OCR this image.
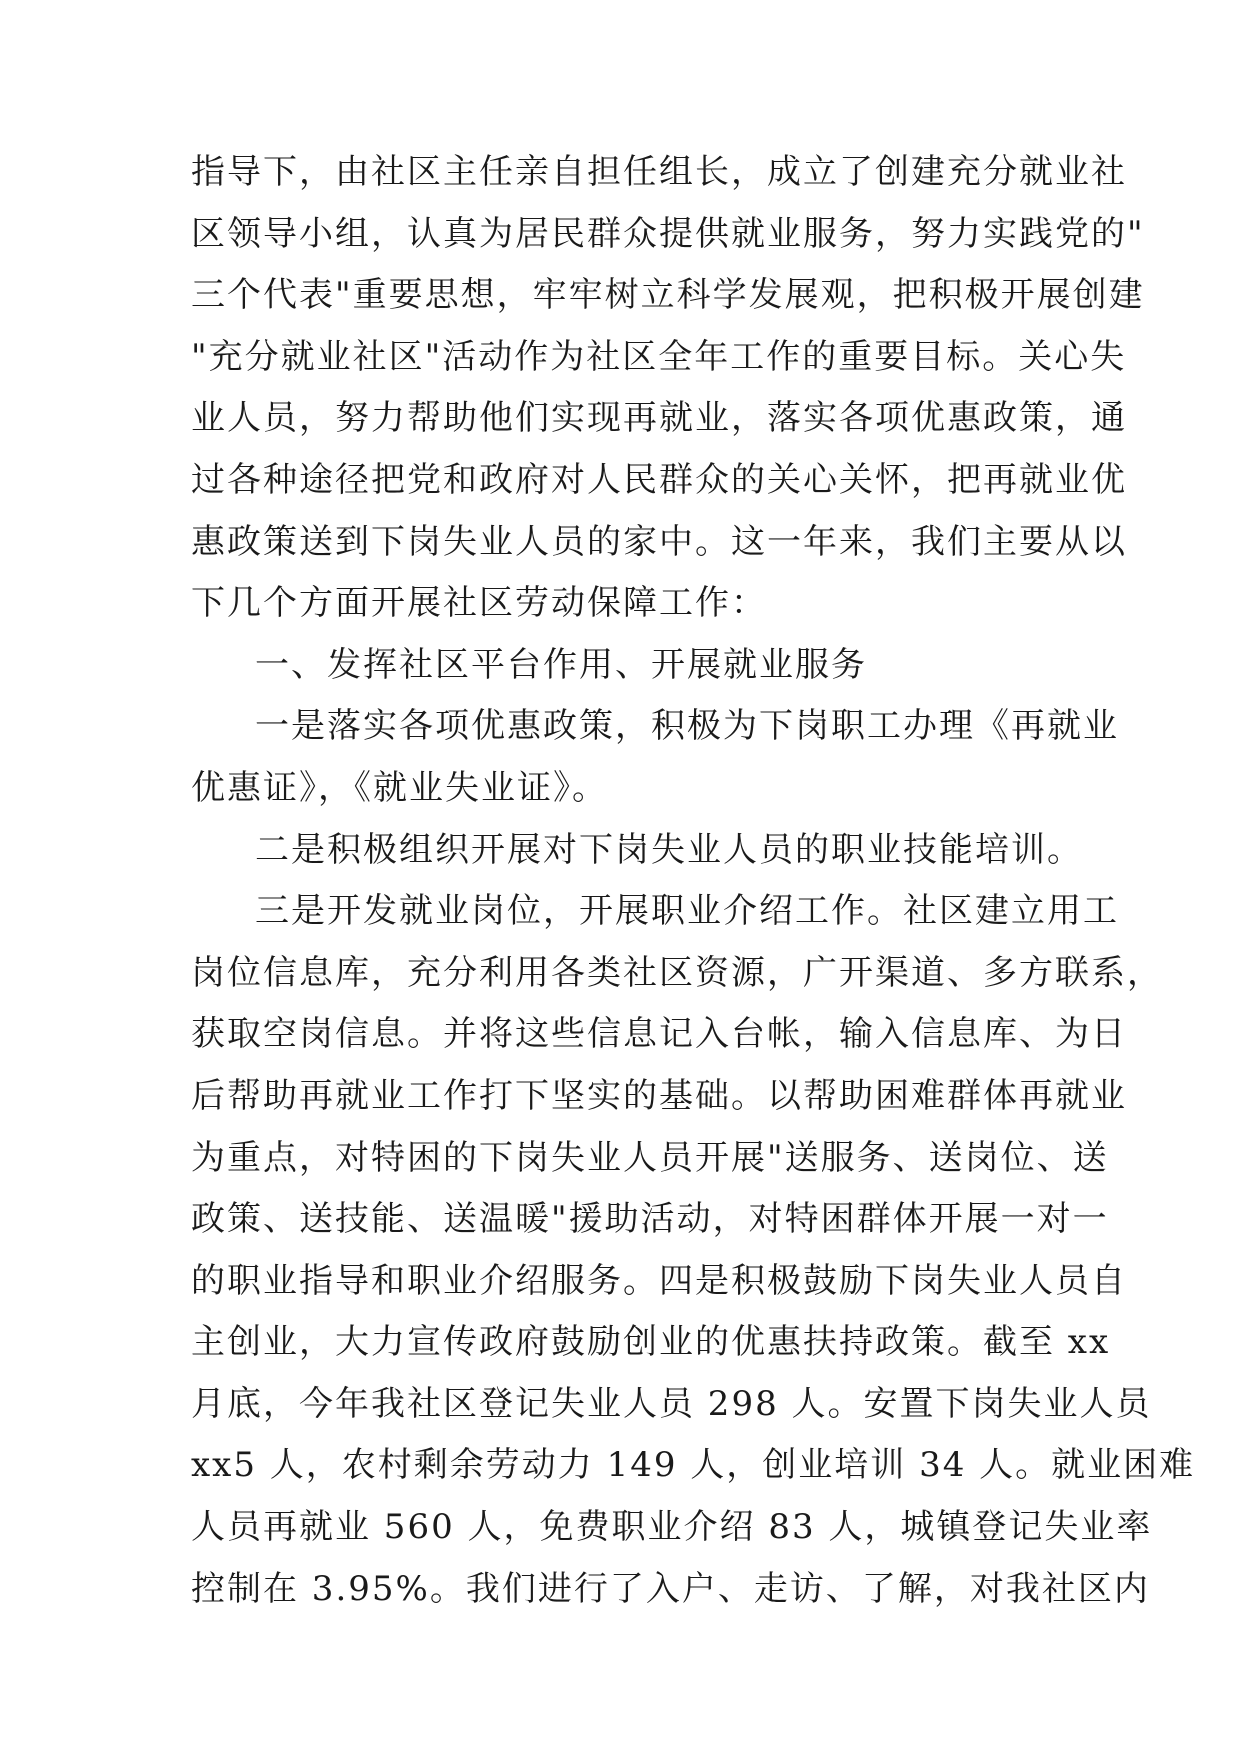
指导下，由社区主任亲自担任组长，成立了创建充分就业社
区领导小组，认真为居民群众提供就业服务，努力实践党的"
三个代表"重要思想，牢牢树立科学发展观，把积极开展创建
"充分就业社区"活动作为社区全年工作的重要目标。关心失
业人员，努力帮助他们实现再就业，落实各项优惠政策，通
过各种途径把党和政府对人民群众的关心关怀，把再就业优
惠政策送到下岗失业人员的家中。这一年来，我们主要从以
下几个方面开展社区劳动保障工作：
一、发挥社区平台作用、开展就业服务
一是落实各项优惠政策，积极为下岗职工办理《再就业
优惠证》，《就业失业证》。
二是积极组织开展对下岗失业人员的职业技能培训。
三是开发就业岗位，开展职业介绍工作。社区建立用工
岗位信息库，充分利用各类社区资源，广开渠道、多方联系，
获取空岗信息。并将这些信息记入台帐，输入信息库、为日
后帮助再就业工作打下坚实的基础。以帮助困难群体再就业
为重点，对特困的下岗失业人员开展"送服务、送岗位、送
政策、送技能、送温暖"援助活动，对特困群体开展一对一
的职业指导和职业介绍服务。四是积极鼓励下岗失业人员自
主创业，大力宣传政府鼓励创业的优惠扶持政策。截至 xx
月底，今年我社区登记失业人员 298 人。安置下岗失业人员
xx5 人，农村剩余劳动力 149 人，创业培训 34 人。就业困难
人员再就业 560 人，免费职业介绍 83 人，城镇登记失业率
控制在 3.95%。我们进行了入户、走访、了解，对我社区内
